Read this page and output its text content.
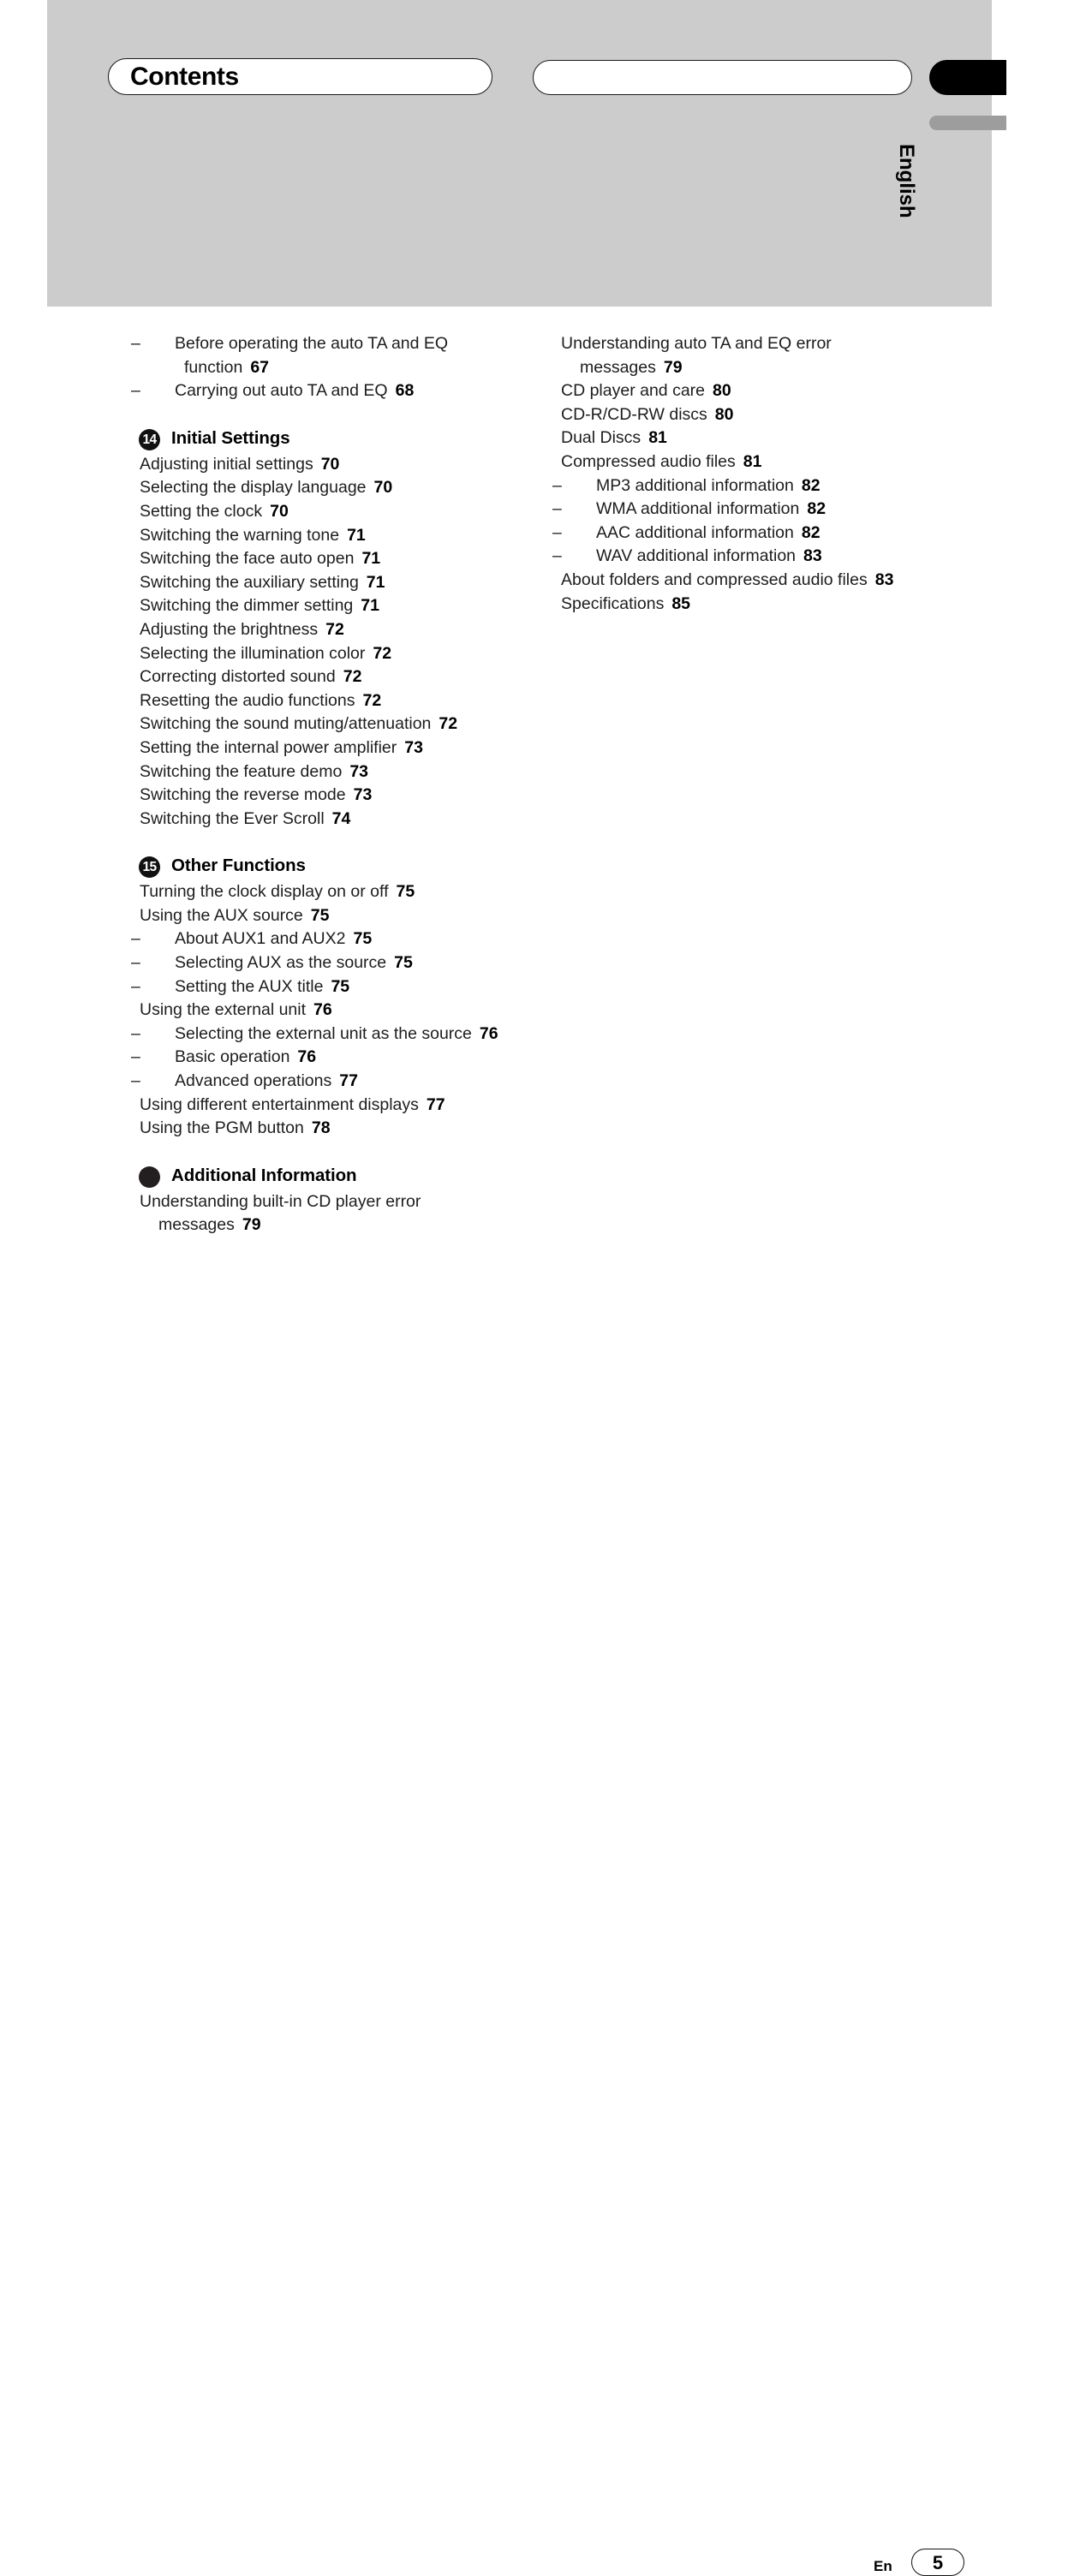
Contents
English
– Before operating the auto TA and EQ function 67
– Carrying out auto TA and EQ 68
14 Initial Settings
Adjusting initial settings 70
Selecting the display language 70
Setting the clock 70
Switching the warning tone 71
Switching the face auto open 71
Switching the auxiliary setting 71
Switching the dimmer setting 71
Adjusting the brightness 72
Selecting the illumination color 72
Correcting distorted sound 72
Resetting the audio functions 72
Switching the sound muting/attenuation 72
Setting the internal power amplifier 73
Switching the feature demo 73
Switching the reverse mode 73
Switching the Ever Scroll 74
15 Other Functions
Turning the clock display on or off 75
Using the AUX source 75
– About AUX1 and AUX2 75
– Selecting AUX as the source 75
– Setting the AUX title 75
Using the external unit 76
– Selecting the external unit as the source 76
– Basic operation 76
– Advanced operations 77
Using different entertainment displays 77
Using the PGM button 78
Additional Information
Understanding built-in CD player error messages 79
Understanding auto TA and EQ error messages 79
CD player and care 80
CD-R/CD-RW discs 80
Dual Discs 81
Compressed audio files 81
– MP3 additional information 82
– WMA additional information 82
– AAC additional information 82
– WAV additional information 83
About folders and compressed audio files 83
Specifications 85
En	5
